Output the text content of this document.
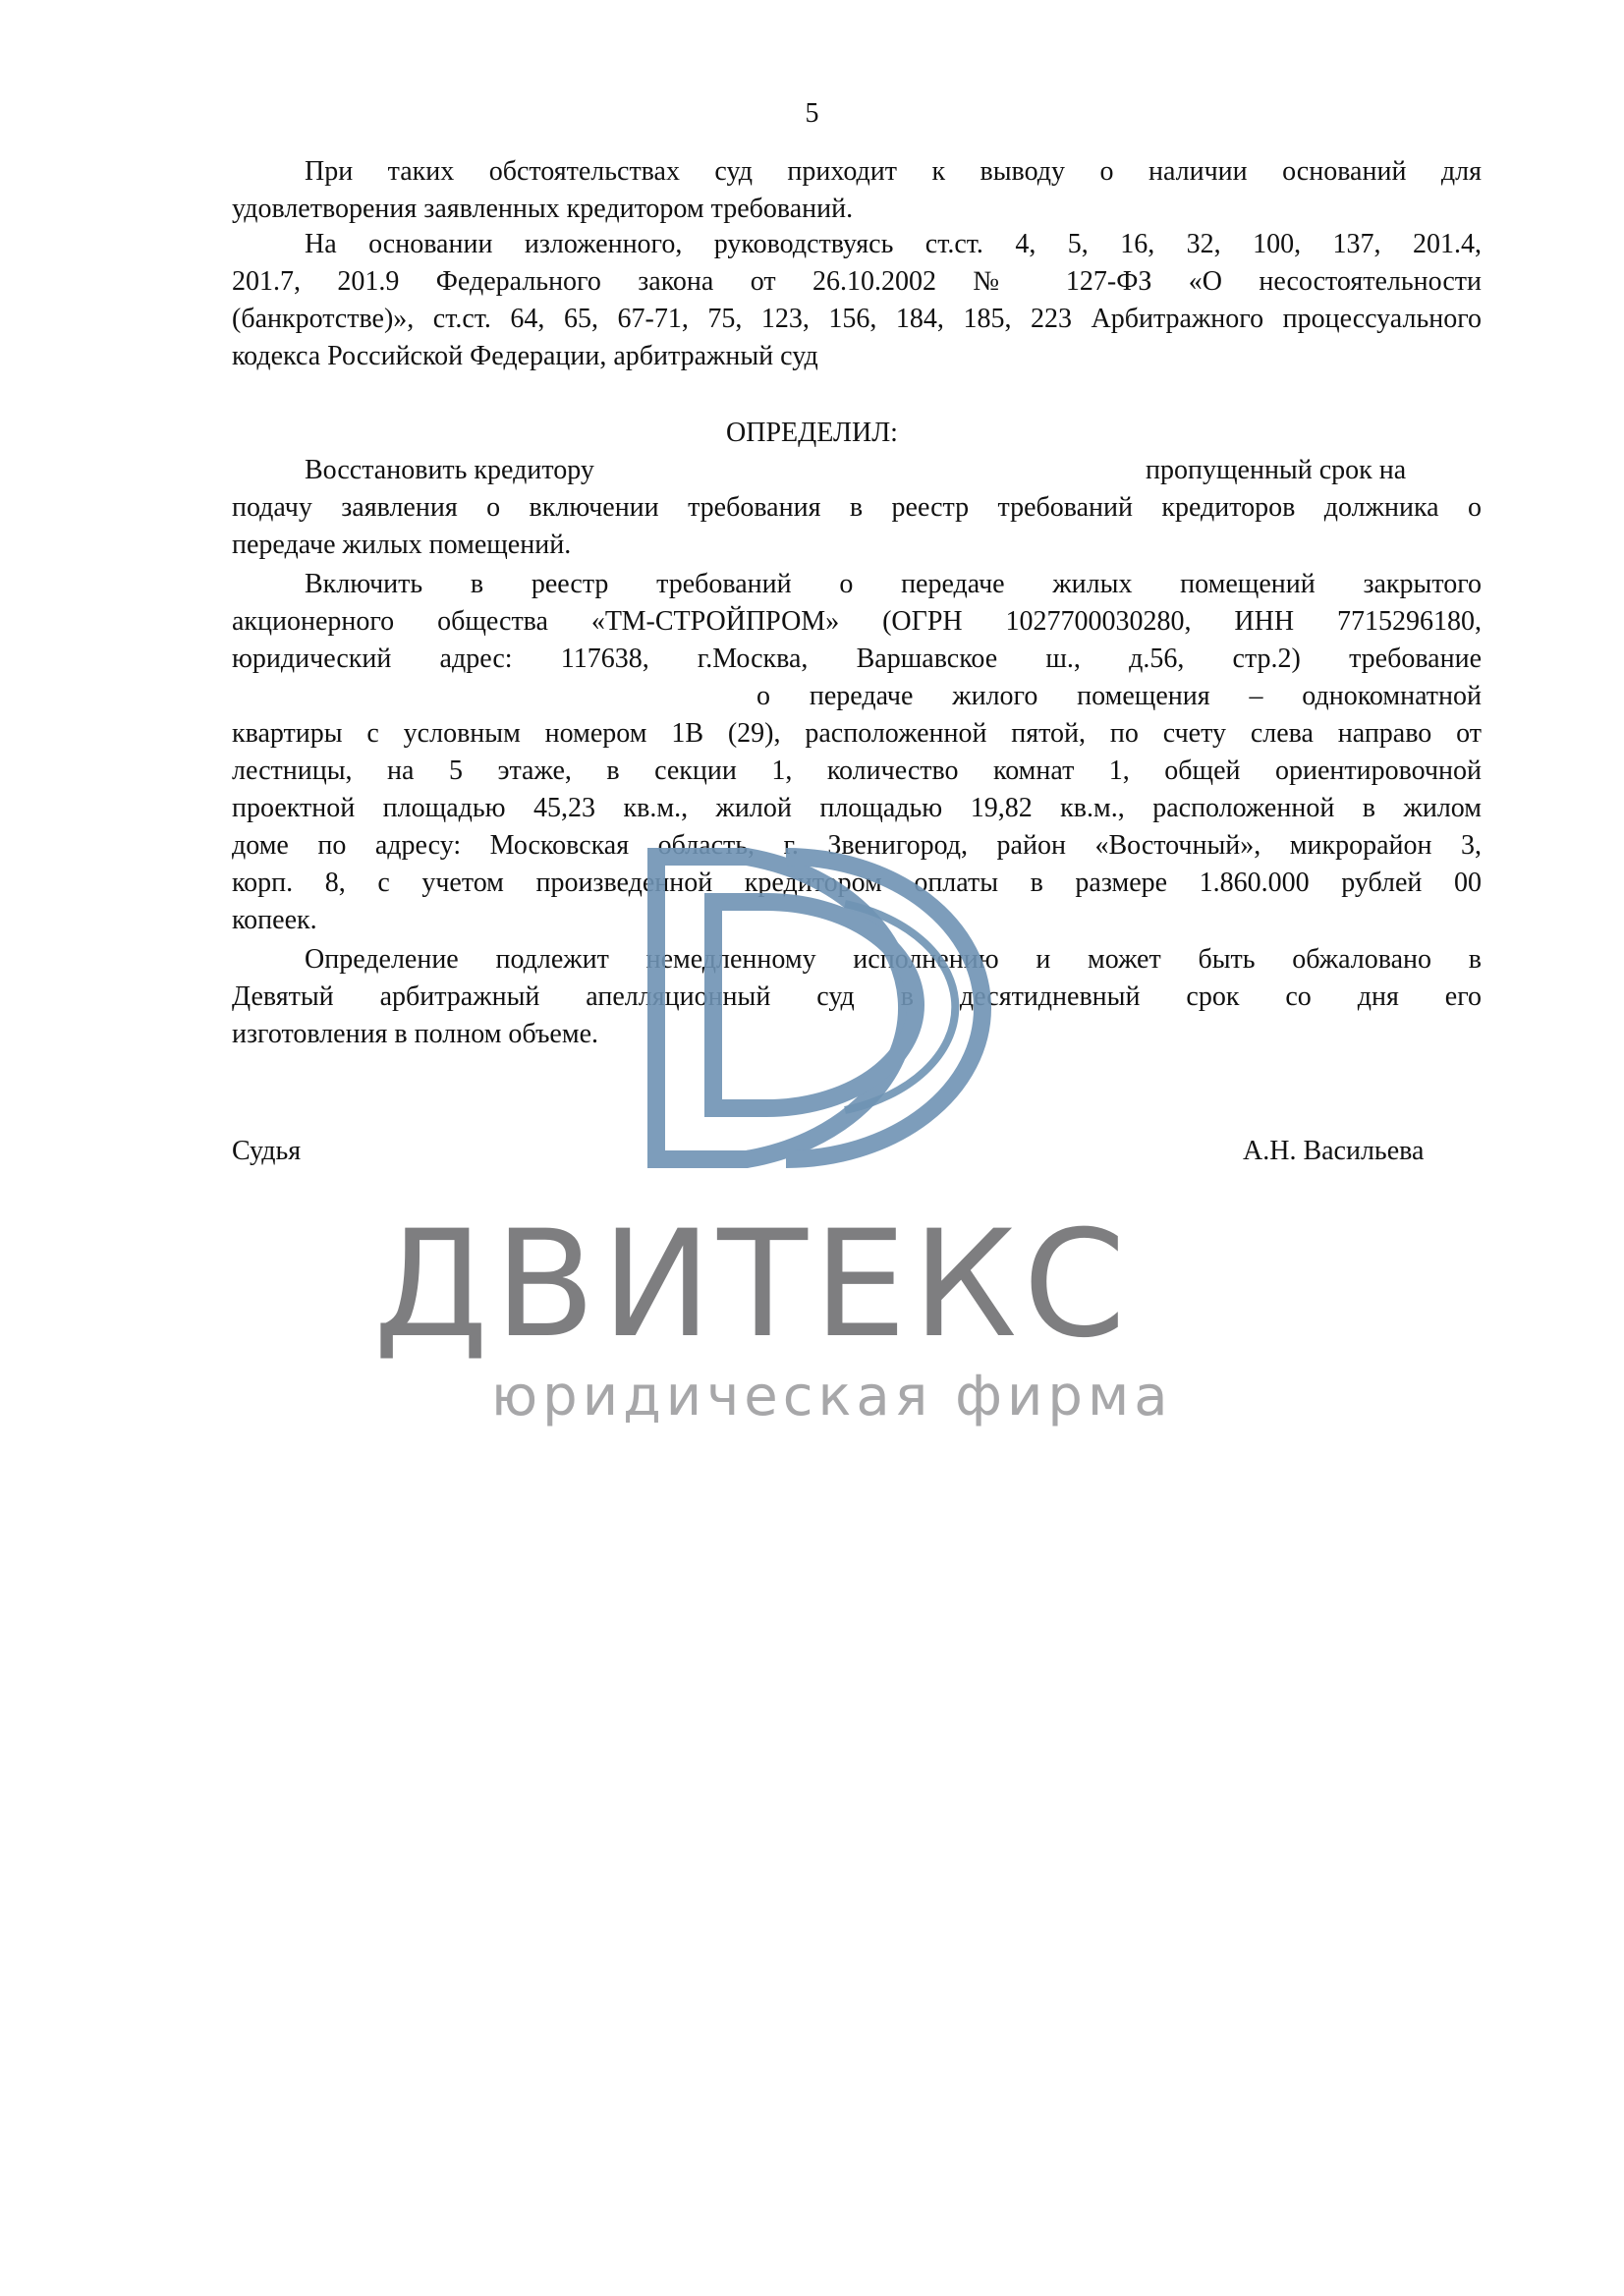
5
При таких обстоятельствах суд приходит к выводу о наличии оснований для
удовлетворения заявленных кредитором требований.
На основании изложенного, руководствуясь ст.ст. 4, 5, 16, 32, 100, 137, 201.4,
201.7, 201.9 Федерального закона от 26.10.2002 № 127-ФЗ «О несостоятельности
(банкротстве)», ст.ст. 64, 65, 67-71, 75, 123, 156, 184, 185, 223 Арбитражного процессуального
кодекса Российской Федерации, арбитражный суд
ОПРЕДЕЛИЛ:
Восстановить кредитору	пропущенный срок на
подачу заявления о включении требования в реестр требований кредиторов должника о
передаче жилых помещений.
Включить в реестр требований о передаче жилых помещений закрытого
акционерного общества «ТМ-СТРОЙПРОМ» (ОГРН 1027700030280, ИНН 7715296180,
юридический адрес: 117638, г.Москва, Варшавское ш., д.56, стр.2) требование
о передаче жилого помещения – однокомнатной
квартиры с условным номером 1В (29), расположенной пятой, по счету слева направо от
лестницы, на 5 этаже, в секции 1, количество комнат 1, общей ориентировочной
проектной площадью 45,23 кв.м., жилой площадью 19,82 кв.м., расположенной в жилом
доме по адресу: Московская область, г. Звенигород, район «Восточный», микрорайон 3,
корп. 8, с учетом произведенной кредитором оплаты в размере 1.860.000 рублей 00
копеек.
Определение подлежит немедленному исполнению и может быть обжаловано в
Девятый арбитражный апелляционный суд в десятидневный срок со дня его
изготовления в полном объеме.
Судья	А.Н. Васильева
ДВИТЕКС
юридическая фирма
